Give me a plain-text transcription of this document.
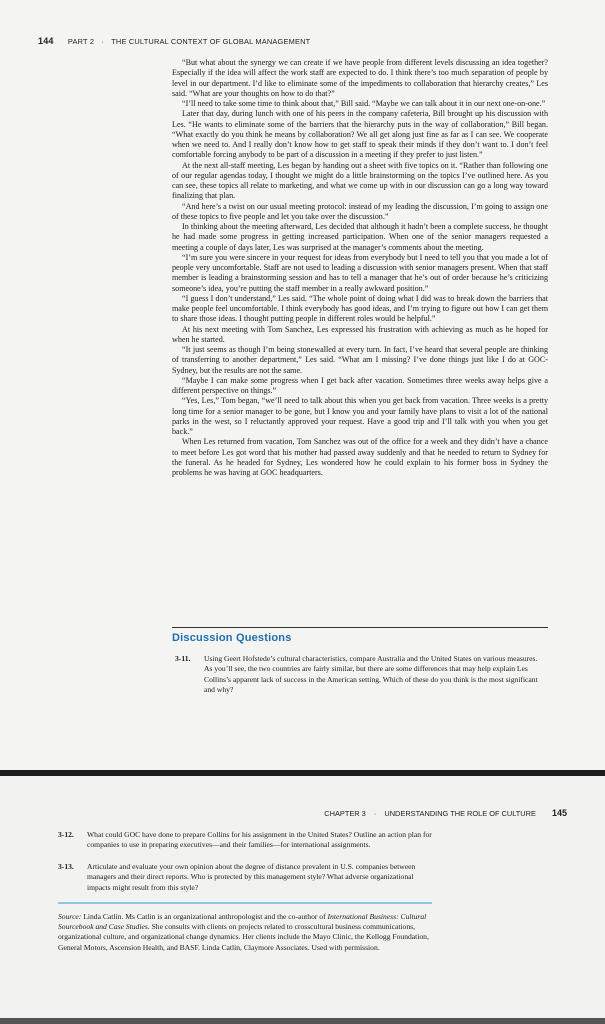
144 PART 2 · THE CULTURAL CONTEXT OF GLOBAL MANAGEMENT

“But what about the synergy we can create if we have people from different levels discussing an idea together? Especially if the idea will affect the work staff are expected to do. I think there’s too much separation of people by level in our department. I’d like to eliminate some of the impediments to collaboration that hierarchy creates,” Les said. “What are your thoughts on how to do that?”

“I’ll need to take some time to think about that,” Bill said. “Maybe we can talk about it in our next one-on-one.”

Later that day, during lunch with one of his peers in the company cafeteria, Bill brought up his discussion with Les. “He wants to eliminate some of the barriers that the hierarchy puts in the way of collaboration,” Bill began. “What exactly do you think he means by collaboration? We all get along just fine as far as I can see. We cooperate when we need to. And I really don’t know how to get staff to speak their minds if they don’t want to. I don’t feel comfortable forcing anybody to be part of a discussion in a meeting if they prefer to just listen.”

At the next all-staff meeting, Les began by handing out a sheet with five topics on it. “Rather than following one of our regular agendas today, I thought we might do a little brainstorming on the topics I’ve outlined here. As you can see, these topics all relate to marketing, and what we come up with in our discussion can go a long way toward finalizing that plan.

“And here’s a twist on our usual meeting protocol: instead of my leading the discussion, I’m going to assign one of these topics to five people and let you take over the discussion.”

In thinking about the meeting afterward, Les decided that although it hadn’t been a complete success, he thought he had made some progress in getting increased participation. When one of the senior managers requested a meeting a couple of days later, Les was surprised at the manager’s comments about the meeting.

“I’m sure you were sincere in your request for ideas from everybody but I need to tell you that you made a lot of people very uncomfortable. Staff are not used to leading a discussion with senior managers present. When that staff member is leading a brainstorming session and has to tell a manager that he’s out of order because he’s criticizing someone’s idea, you’re putting the staff member in a really awkward position.”

“I guess I don’t understand,” Les said. “The whole point of doing what I did was to break down the barriers that make people feel uncomfortable. I think everybody has good ideas, and I’m trying to figure out how I can get them to share those ideas. I thought putting people in different roles would be helpful.”

At his next meeting with Tom Sanchez, Les expressed his frustration with achieving as much as he hoped for when he started.

“It just seems as though I’m being stonewalled at every turn. In fact, I’ve heard that several people are thinking of transferring to another department,” Les said. “What am I missing? I’ve done things just like I do at GOC-Sydney, but the results are not the same.

“Maybe I can make some progress when I get back after vacation. Sometimes three weeks away helps give a different perspective on things.”

“Yes, Les,” Tom began, “we’ll need to talk about this when you get back from vacation. Three weeks is a pretty long time for a senior manager to be gone, but I know you and your family have plans to visit a lot of the national parks in the west, so I reluctantly approved your request. Have a good trip and I’ll talk with you when you get back.”

When Les returned from vacation, Tom Sanchez was out of the office for a week and they didn’t have a chance to meet before Les got word that his mother had passed away suddenly and that he needed to return to Sydney for the funeral. As he headed for Sydney, Les wondered how he could explain to his former boss in Sydney the problems he was having at GOC headquarters.

Discussion Questions
3-11.	Using Geert Hofstede’s cultural characteristics, compare Australia and the United States on various measures. As you’ll see, the two countries are fairly similar, but there are some differences that may help explain Les Collins’s apparent lack of success in the American setting. Which of these do you think is the most significant and why?
CHAPTER 3 · UNDERSTANDING THE ROLE OF CULTURE 145
3-12.	What could GOC have done to prepare Collins for his assignment in the United States? Outline an action plan for companies to use in preparing executives—and their families—for international assignments.
3-13.	Articulate and evaluate your own opinion about the degree of distance prevalent in U.S. companies between managers and their direct reports. Who is protected by this management style? What adverse organizational impacts might result from this style?
Source: Linda Catlin. Ms Catlin is an organizational anthropologist and the co-author of International Business: Cultural Sourcebook and Case Studies. She consults with clients on projects related to crosscultural business communications, organizational culture, and organizational change dynamics. Her clients include the Mayo Clinic, the Kellogg Foundation, General Motors, Ascension Health, and BASF. Linda Catlin, Claymore Associates. Used with permission.
